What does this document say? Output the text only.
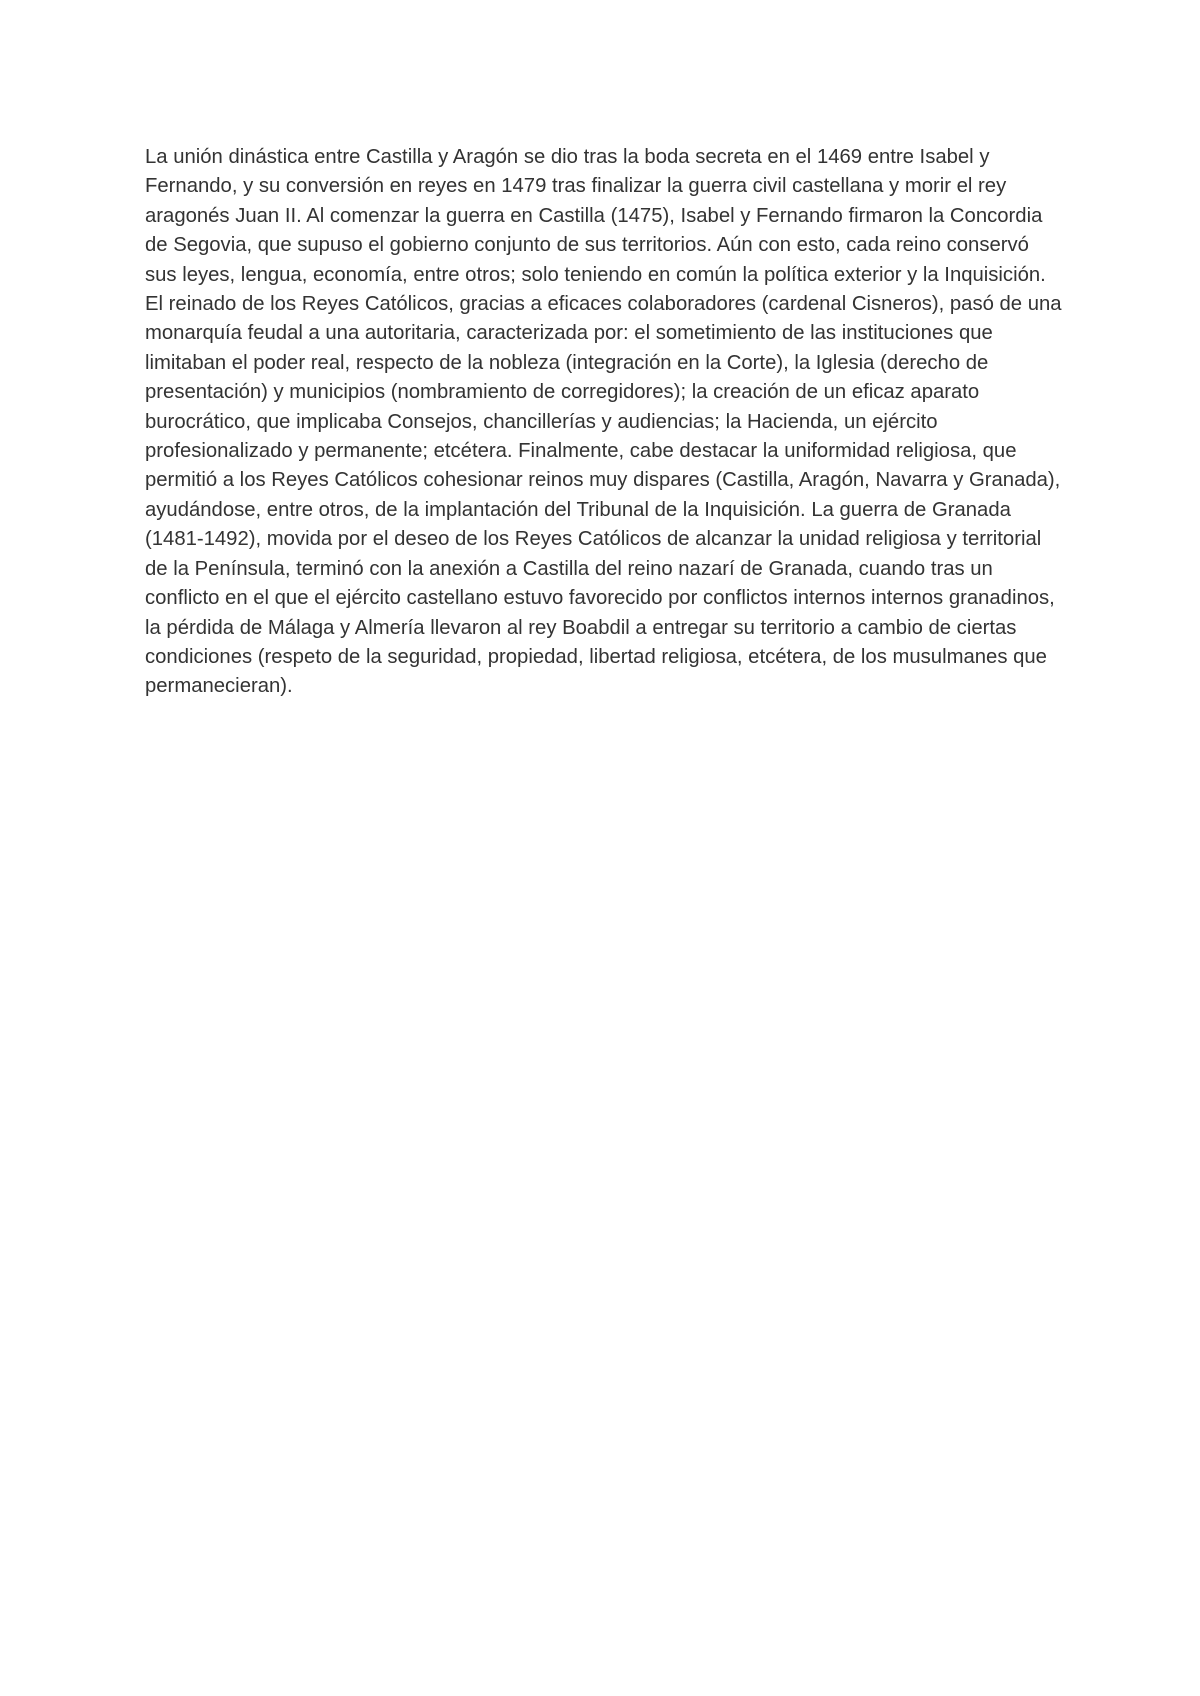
La unión dinástica entre Castilla y Aragón se dio tras la boda secreta en el 1469 entre Isabel y Fernando, y su conversión en reyes en 1479 tras finalizar la guerra civil castellana y morir el rey aragonés Juan II. Al comenzar la guerra en Castilla (1475), Isabel y Fernando firmaron la Concordia de Segovia, que supuso el gobierno conjunto de sus territorios. Aún con esto, cada reino conservó sus leyes, lengua, economía, entre otros; solo teniendo en común la política exterior y la Inquisición. El reinado de los Reyes Católicos, gracias a eficaces colaboradores (cardenal Cisneros), pasó de una monarquía feudal a una autoritaria, caracterizada por: el sometimiento de las instituciones que limitaban el poder real, respecto de la nobleza (integración en la Corte), la Iglesia (derecho de presentación) y municipios (nombramiento de corregidores); la creación de un eficaz aparato burocrático, que implicaba Consejos, chancillerías y audiencias; la Hacienda, un ejército profesionalizado y permanente; etcétera. Finalmente, cabe destacar la uniformidad religiosa, que permitió a los Reyes Católicos cohesionar reinos muy dispares (Castilla, Aragón, Navarra y Granada), ayudándose, entre otros, de la implantación del Tribunal de la Inquisición. La guerra de Granada (1481-1492), movida por el deseo de los Reyes Católicos de alcanzar la unidad religiosa y territorial de la Península, terminó con la anexión a Castilla del reino nazarí de Granada, cuando tras un conflicto en el que el ejército castellano estuvo favorecido por conflictos internos internos granadinos, la pérdida de Málaga y Almería llevaron al rey Boabdil a entregar su territorio a cambio de ciertas condiciones (respeto de la seguridad, propiedad, libertad religiosa, etcétera, de los musulmanes que permanecieran).
